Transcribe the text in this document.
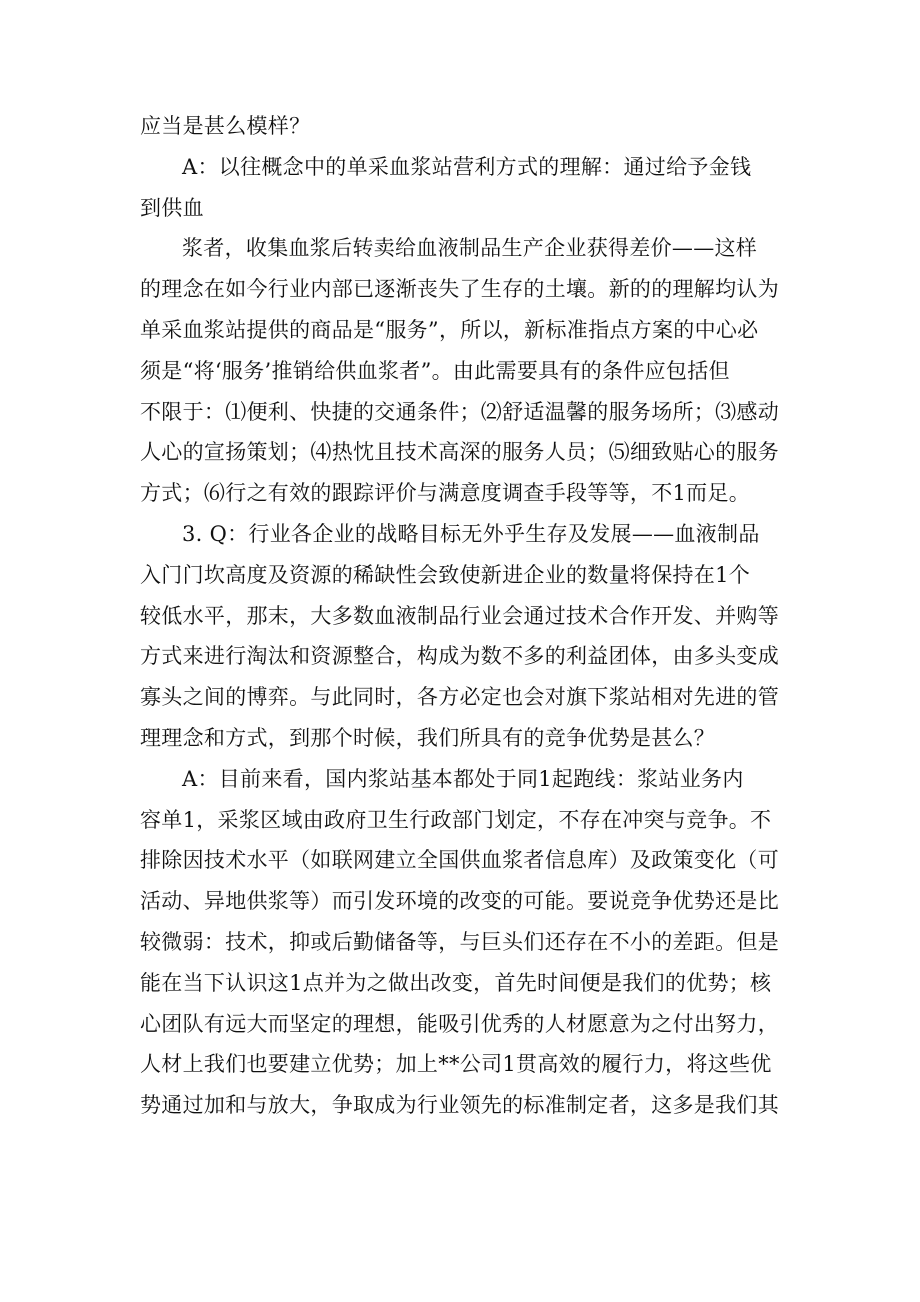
应当是甚么模样？
A：以往概念中的单采血浆站营利方式的理解：通过给予金钱
到供血
浆者，收集血浆后转卖给血液制品生产企业获得差价——这样
的理念在如今行业内部已逐渐丧失了生存的土壤。新的的理解均认为
单采血浆站提供的商品是“服务”，所以，新标准指点方案的中心必
须是“将‘服务’推销给供血浆者”。由此需要具有的条件应包括但
不限于：⑴便利、快捷的交通条件；⑵舒适温馨的服务场所；⑶感动
人心的宣扬策划；⑷热忱且技术高深的服务人员；⑸细致贴心的服务
方式；⑹行之有效的跟踪评价与满意度调查手段等等，不1而足。
3. Q：行业各企业的战略目标无外乎生存及发展——血液制品
入门门坎高度及资源的稀缺性会致使新进企业的数量将保持在1个
较低水平，那末，大多数血液制品行业会通过技术合作开发、并购等
方式来进行淘汰和资源整合，构成为数不多的利益团体，由多头变成
寡头之间的博弈。与此同时，各方必定也会对旗下浆站相对先进的管
理理念和方式，到那个时候，我们所具有的竞争优势是甚么？
A：目前来看，国内浆站基本都处于同1起跑线：浆站业务内
容单1，采浆区域由政府卫生行政部门划定，不存在冲突与竞争。不
排除因技术水平（如联网建立全国供血浆者信息库）及政策变化（可
活动、异地供浆等）而引发环境的改变的可能。要说竞争优势还是比
较微弱：技术，抑或后勤储备等，与巨头们还存在不小的差距。但是
能在当下认识这1点并为之做出改变，首先时间便是我们的优势；核
心团队有远大而坚定的理想，能吸引优秀的人材愿意为之付出努力，
人材上我们也要建立优势；加上**公司1贯高效的履行力，将这些优
势通过加和与放大，争取成为行业领先的标准制定者，这多是我们其
